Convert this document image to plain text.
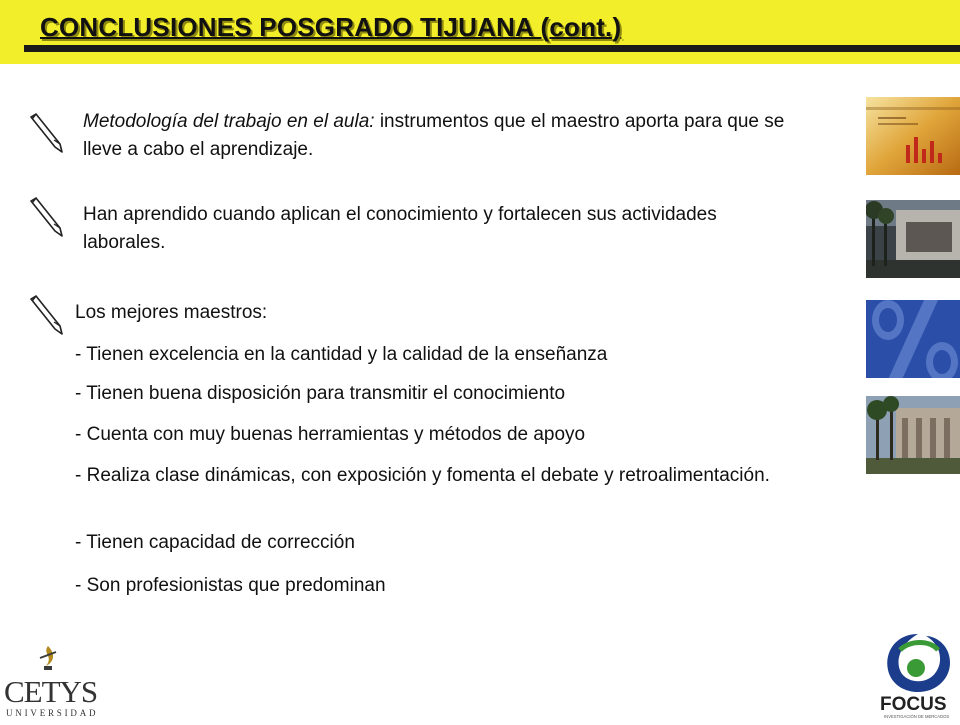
CONCLUSIONES POSGRADO TIJUANA (cont.)
Metodología del trabajo en el aula: instrumentos que el maestro aporta para que se lleve a cabo el aprendizaje.
Han aprendido cuando aplican el conocimiento y fortalecen sus actividades laborales.
Los mejores maestros:
- Tienen excelencia en la cantidad y la calidad de la enseñanza
- Tienen buena disposición para transmitir el conocimiento
- Cuenta con muy buenas herramientas y métodos de apoyo
- Realiza clase dinámicas, con exposición y fomenta el debate y retroalimentación.
- Tienen capacidad de corrección
- Son profesionistas que predominan
CETYS
UNIVERSIDAD	FOCUS
INVESTIGACIÓN DE MERCADOS
